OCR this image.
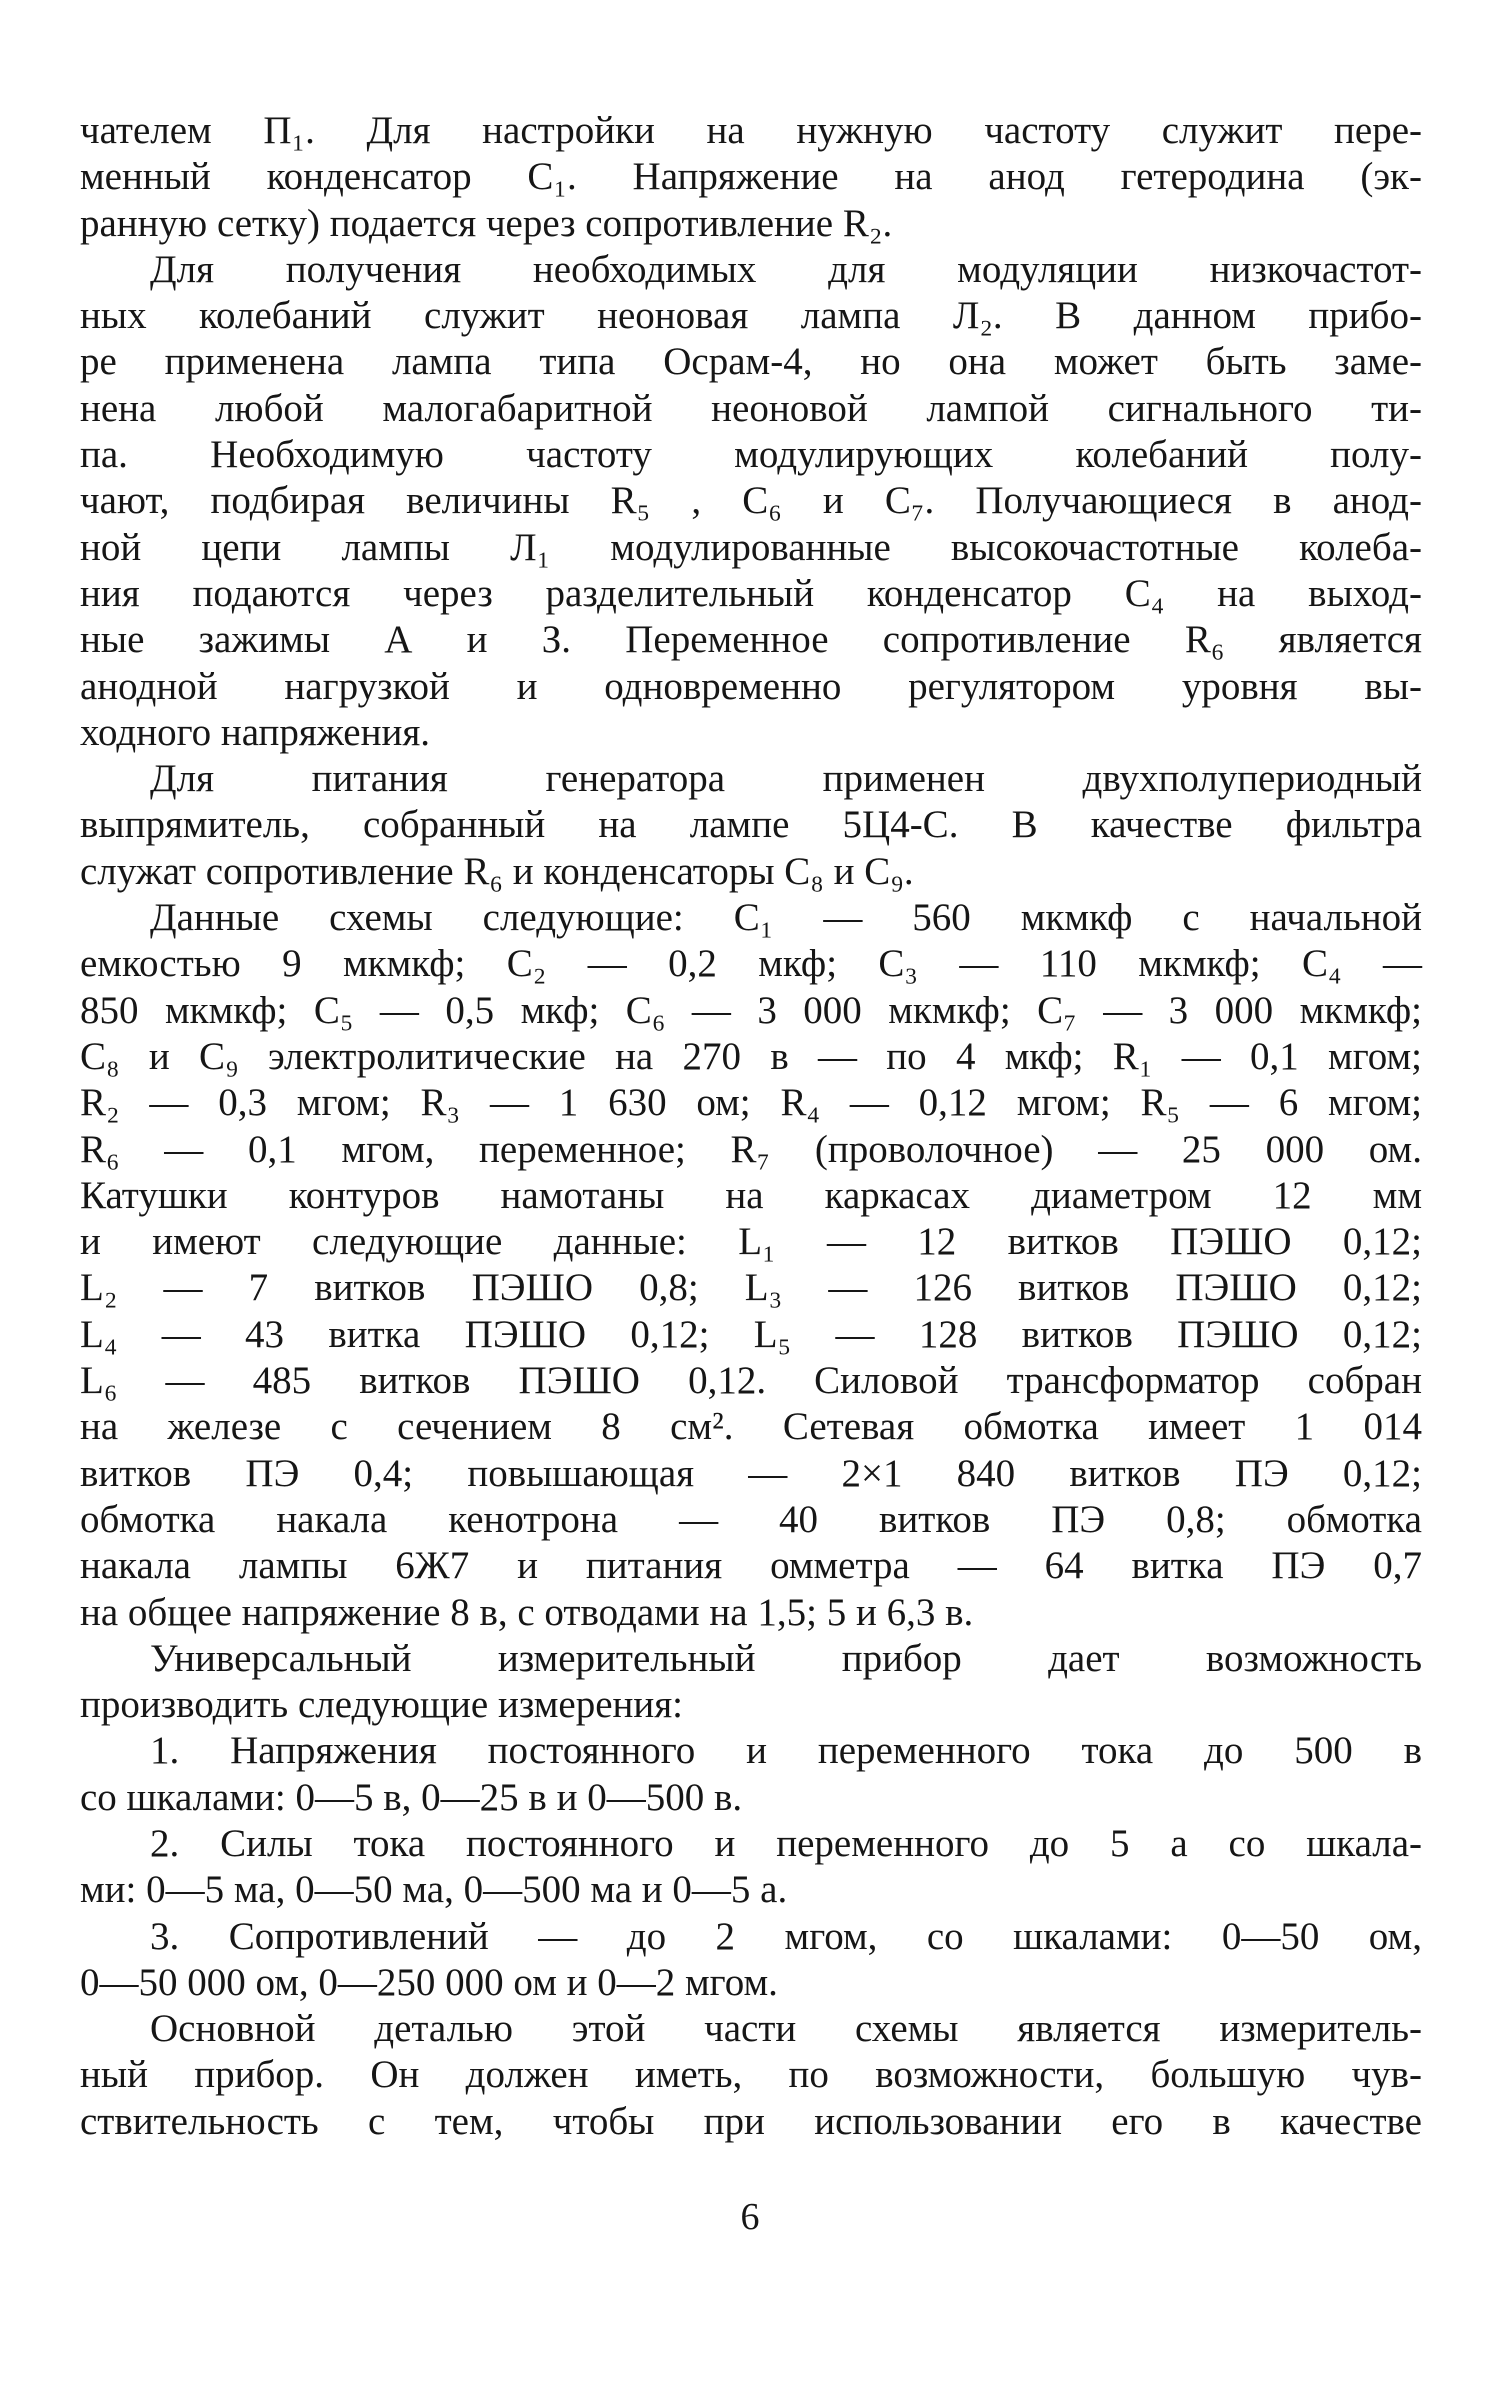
чателем П₁. Для настройки на нужную частоту служит пере-
менный конденсатор C₁. Напряжение на анод гетеродина (эк-
ранную сетку) подается через сопротивление R₂.
Для получения необходимых для модуляции низкочастот-
ных колебаний служит неоновая лампа Л₂. В данном прибо-
ре применена лампа типа Осрам-4, но она может быть заме-
нена любой малогабаритной неоновой лампой сигнального ти-
па. Необходимую частоту модулирующих колебаний полу-
чают, подбирая величины R₅ , C₆ и C₇. Получающиеся в анод-
ной цепи лампы Л₁ модулированные высокочастотные колеба-
ния подаются через разделительный конденсатор C₄ на выход-
ные зажимы А и З. Переменное сопротивление R₆ является
анодной нагрузкой и одновременно регулятором уровня вы-
ходного напряжения.
Для питания генератора применен двухполупериодный
выпрямитель, собранный на лампе 5Ц4-С. В качестве фильтра
служат сопротивление R₆ и конденсаторы C₈ и C₉.
Данные схемы следующие: C₁ — 560 мкмкф с начальной
емкостью 9 мкмкф; C₂ — 0,2 мкф; C₃ — 110 мкмкф; C₄ —
850 мкмкф; C₅ — 0,5 мкф; C₆ — 3 000 мкмкф; C₇ — 3 000 мкмкф;
C₈ и C₉ электролитические на 270 в — по 4 мкф; R₁ — 0,1 мгом;
R₂ — 0,3 мгом; R₃ — 1 630 ом; R₄ — 0,12 мгом; R₅ — 6 мгом;
R₆ — 0,1 мгом, переменное; R₇ (проволочное) — 25 000 ом.
Катушки контуров намотаны на каркасах диаметром 12 мм
и имеют следующие данные: L₁ — 12 витков ПЭШО 0,12;
L₂ — 7 витков ПЭШО 0,8; L₃ — 126 витков ПЭШО 0,12;
L₄ — 43 витка ПЭШО 0,12; L₅ — 128 витков ПЭШО 0,12;
L₆ — 485 витков ПЭШО 0,12. Силовой трансформатор собран
на железе с сечением 8 см². Сетевая обмотка имеет 1 014
витков ПЭ 0,4; повышающая — 2×1 840 витков ПЭ 0,12;
обмотка накала кенотрона — 40 витков ПЭ 0,8; обмотка
накала лампы 6Ж7 и питания омметра — 64 витка ПЭ 0,7
на общее напряжение 8 в, с отводами на 1,5; 5 и 6,3 в.
Универсальный измерительный прибор дает возможность
производить следующие измерения:
1. Напряжения постоянного и переменного тока до 500 в
со шкалами: 0—5 в, 0—25 в и 0—500 в.
2. Силы тока постоянного и переменного до 5 а со шкала-
ми: 0—5 ма, 0—50 ма, 0—500 ма и 0—5 а.
3. Сопротивлений — до 2 мгом, со шкалами: 0—50 ом,
0—50 000 ом, 0—250 000 ом и 0—2 мгом.
Основной деталью этой части схемы является измеритель-
ный прибор. Он должен иметь, по возможности, большую чув-
ствительность с тем, чтобы при использовании его в качестве
6
